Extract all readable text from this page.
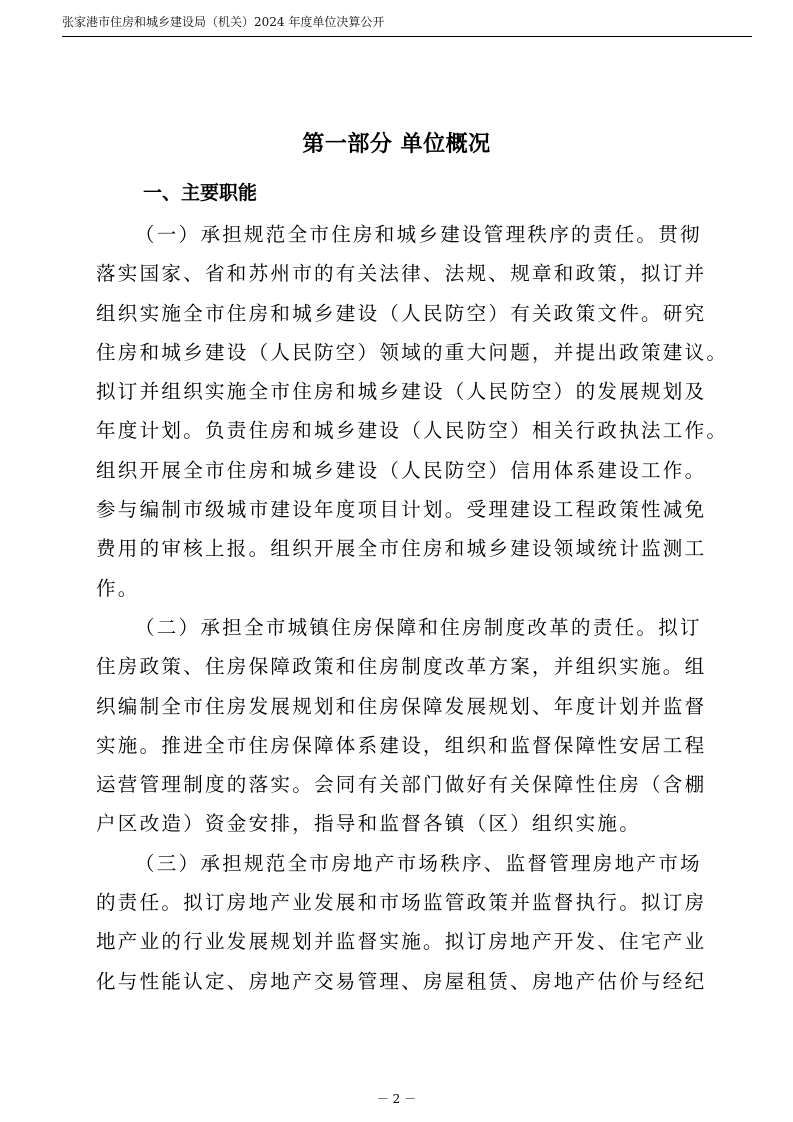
张家港市住房和城乡建设局（机关）2024 年度单位决算公开
第一部分 单位概况
一、主要职能
（一）承担规范全市住房和城乡建设管理秩序的责任。贯彻
落实国家、省和苏州市的有关法律、法规、规章和政策，拟订并
组织实施全市住房和城乡建设（人民防空）有关政策文件。研究
住房和城乡建设（人民防空）领域的重大问题，并提出政策建议。
拟订并组织实施全市住房和城乡建设（人民防空）的发展规划及
年度计划。负责住房和城乡建设（人民防空）相关行政执法工作。
组织开展全市住房和城乡建设（人民防空）信用体系建设工作。
参与编制市级城市建设年度项目计划。受理建设工程政策性减免
费用的审核上报。组织开展全市住房和城乡建设领域统计监测工
作。
（二）承担全市城镇住房保障和住房制度改革的责任。拟订
住房政策、住房保障政策和住房制度改革方案，并组织实施。组
织编制全市住房发展规划和住房保障发展规划、年度计划并监督
实施。推进全市住房保障体系建设，组织和监督保障性安居工程
运营管理制度的落实。会同有关部门做好有关保障性住房（含棚
户区改造）资金安排，指导和监督各镇（区）组织实施。
（三）承担规范全市房地产市场秩序、监督管理房地产市场
的责任。拟订房地产业发展和市场监管政策并监督执行。拟订房
地产业的行业发展规划并监督实施。拟订房地产开发、住宅产业
化与性能认定、房地产交易管理、房屋租赁、房地产估价与经纪
－ 2 －
